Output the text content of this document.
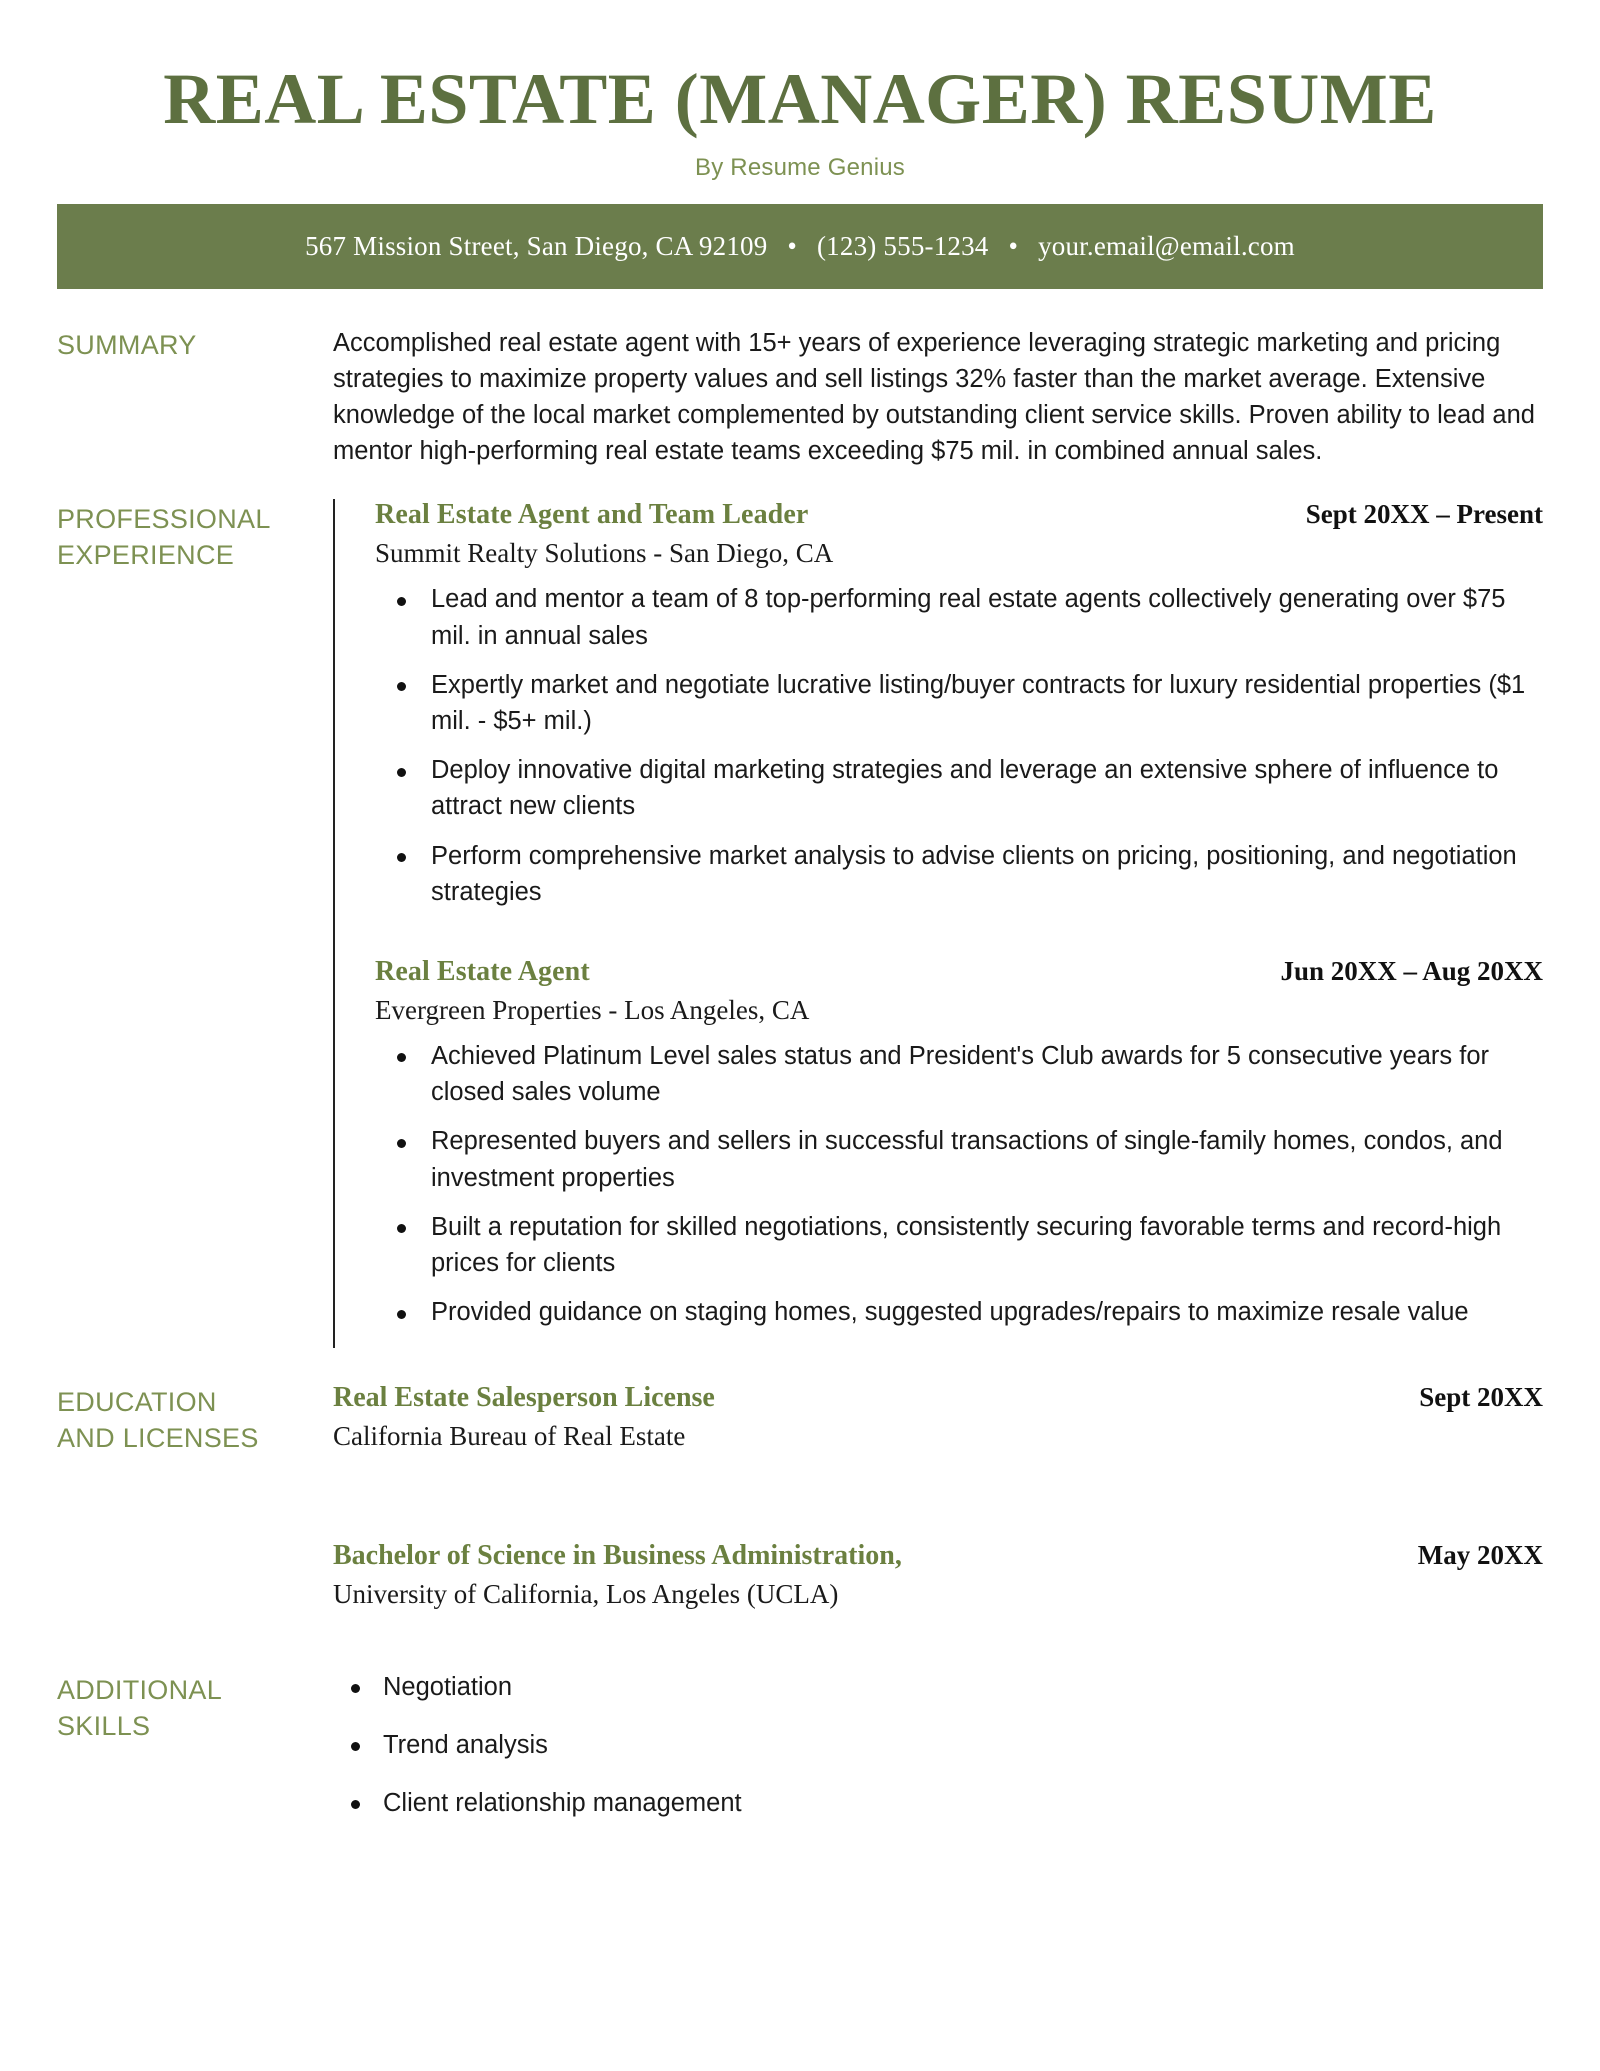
REAL ESTATE (MANAGER) RESUME
By Resume Genius
567 Mission Street, San Diego, CA 92109 • (123) 555-1234 • your.email@email.com
SUMMARY	Accomplished real estate agent with 15+ years of experience leveraging strategic marketing and pricing strategies to maximize property values and sell listings 32% faster than the market average. Extensive knowledge of the local market complemented by outstanding client service skills. Proven ability to lead and mentor high-performing real estate teams exceeding $75 mil. in combined annual sales.
PROFESSIONAL
EXPERIENCE
Real Estate Agent and Team Leader	Sept 20XX – Present
Summit Realty Solutions - San Diego, CA
Lead and mentor a team of 8 top-performing real estate agents collectively generating over $75 mil. in annual sales
Expertly market and negotiate lucrative listing/buyer contracts for luxury residential properties ($1 mil. - $5+ mil.)
Deploy innovative digital marketing strategies and leverage an extensive sphere of influence to attract new clients
Perform comprehensive market analysis to advise clients on pricing, positioning, and negotiation strategies
Real Estate Agent	Jun 20XX – Aug 20XX
Evergreen Properties - Los Angeles, CA
Achieved Platinum Level sales status and President's Club awards for 5 consecutive years for closed sales volume
Represented buyers and sellers in successful transactions of single-family homes, condos, and investment properties
Built a reputation for skilled negotiations, consistently securing favorable terms and record-high prices for clients
Provided guidance on staging homes, suggested upgrades/repairs to maximize resale value
EDUCATION
AND LICENSES
Real Estate Salesperson License	Sept 20XX
California Bureau of Real Estate
Bachelor of Science in Business Administration,	May 20XX
University of California, Los Angeles (UCLA)
ADDITIONAL
SKILLS
Negotiation
Trend analysis
Client relationship management
